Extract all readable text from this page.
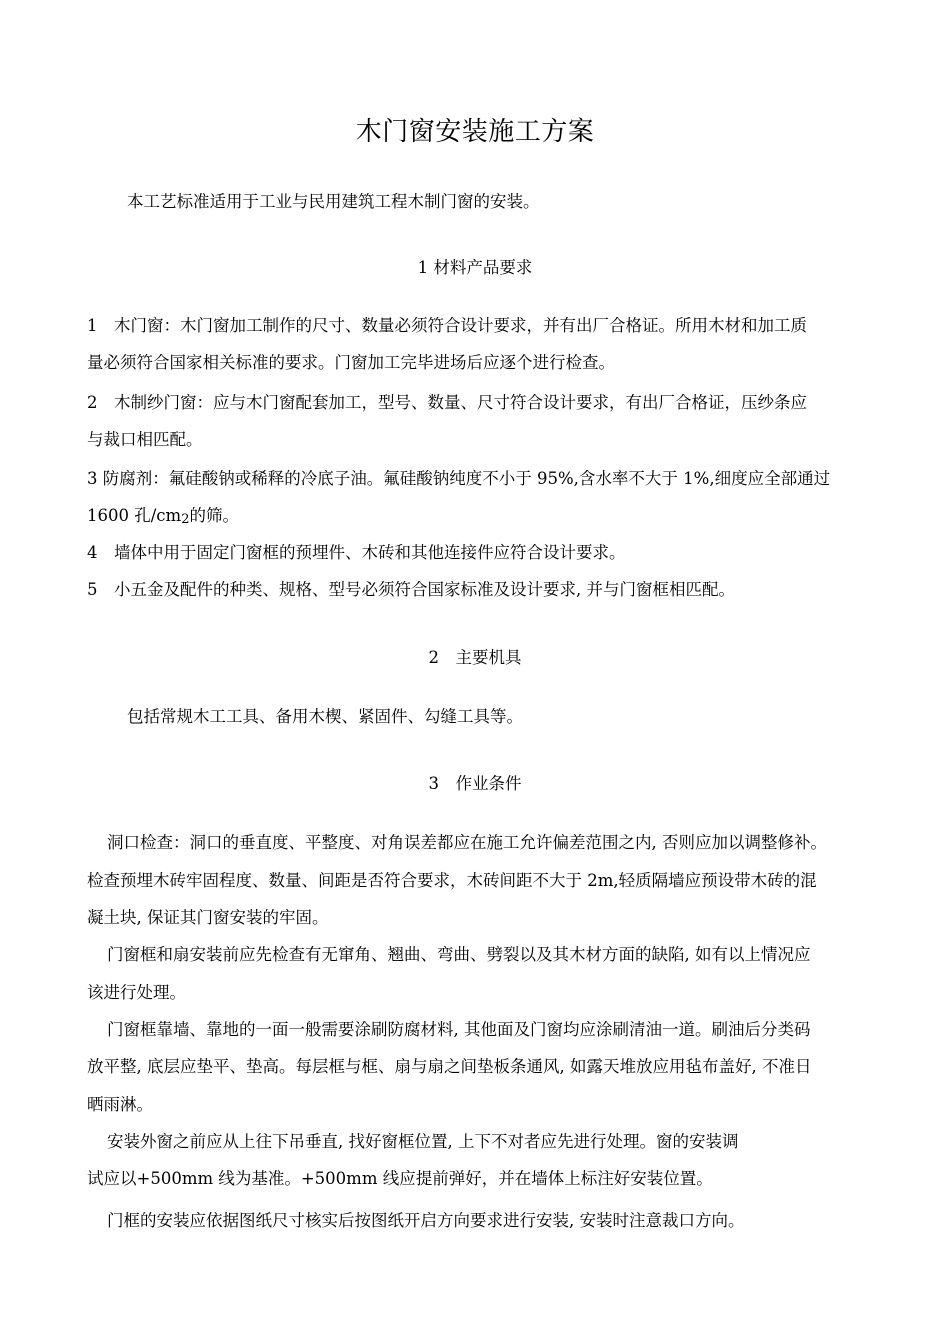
木门窗安装施工方案
本工艺标准适用于工业与民用建筑工程木制门窗的安装。
1 材料产品要求
1　木门窗：木门窗加工制作的尺寸、数量必须符合设计要求，并有出厂合格证。所用木材和加工质
量必须符合国家相关标准的要求。门窗加工完毕进场后应逐个进行检查。
2　木制纱门窗：应与木门窗配套加工，型号、数量、尺寸符合设计要求，有出厂合格证，压纱条应
与裁口相匹配。
3 防腐剂：氟硅酸钠或稀释的冷底子油。氟硅酸钠纯度不小于 95%,含水率不大于 1%,细度应全部通过
1600 孔/cm2的筛。
4　墙体中用于固定门窗框的预埋件、木砖和其他连接件应符合设计要求。
5　小五金及配件的种类、规格、型号必须符合国家标准及设计要求, 并与门窗框相匹配。
2　主要机具
包括常规木工工具、备用木楔、紧固件、勾缝工具等。
3　作业条件
洞口检查：洞口的垂直度、平整度、对角误差都应在施工允许偏差范围之内, 否则应加以调整修补。
检查预埋木砖牢固程度、数量、间距是否符合要求，木砖间距不大于 2m,轻质隔墙应预设带木砖的混
凝土块, 保证其门窗安装的牢固。
门窗框和扇安装前应先检查有无窜角、翘曲、弯曲、劈裂以及其木材方面的缺陷, 如有以上情况应
该进行处理。
门窗框靠墙、靠地的一面一般需要涂刷防腐材料, 其他面及门窗均应涂刷清油一道。刷油后分类码
放平整, 底层应垫平、垫高。每层框与框、扇与扇之间垫板条通风, 如露天堆放应用毡布盖好, 不准日
晒雨淋。
安装外窗之前应从上往下吊垂直, 找好窗框位置, 上下不对者应先进行处理。窗的安装调
试应以+500mm 线为基准。+500mm 线应提前弹好，并在墙体上标注好安装位置。
门框的安装应依据图纸尺寸核实后按图纸开启方向要求进行安装, 安装时注意裁口方向。
